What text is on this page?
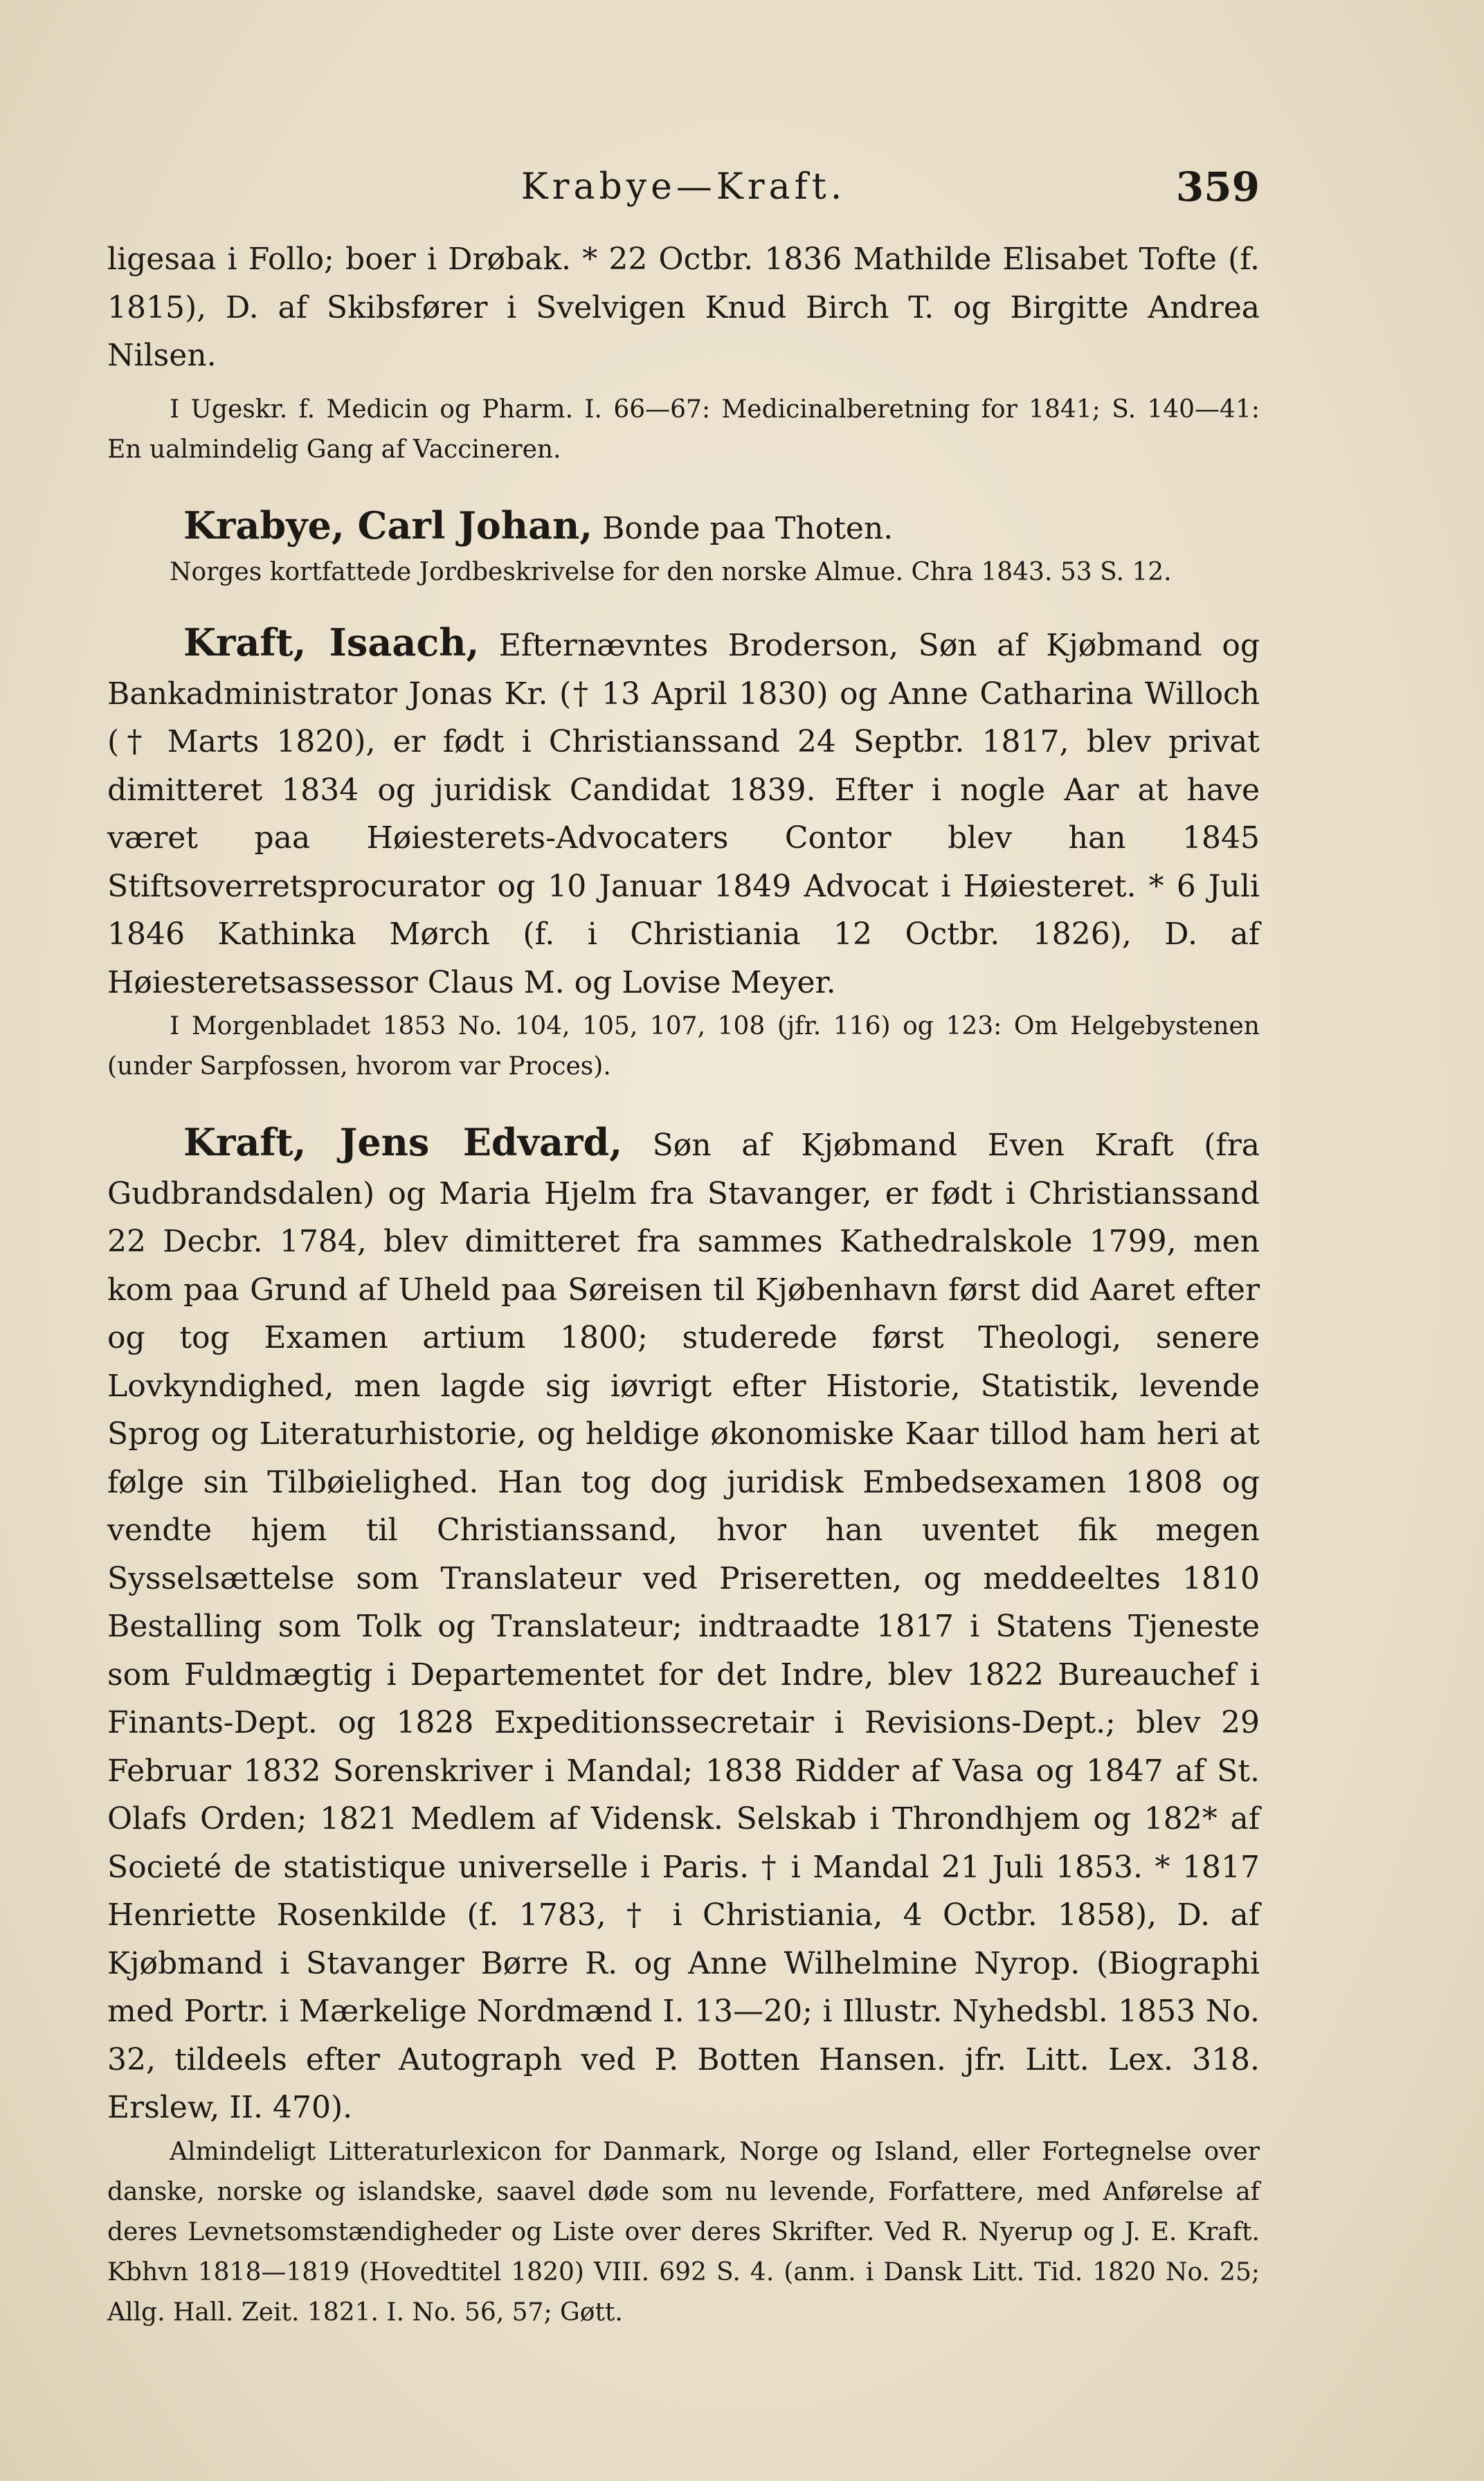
Krabye—Kraft.	359

ligesaa i Follo; boer i Drøbak. * 22 Octbr. 1836 Mathilde Elisabet Tofte (f. 1815), D. af Skibsfører i Svelvigen Knud Birch T. og Birgitte Andrea Nilsen.

I Ugeskr. f. Medicin og Pharm. I. 66—67: Medicinalberetning for 1841; S. 140—41: En ualmindelig Gang af Vaccineren.

Krabye, Carl Johan, Bonde paa Thoten.

Norges kortfattede Jordbeskrivelse for den norske Almue. Chra 1843. 53 S. 12.

Kraft, Isaach, Efternævntes Broderson, Søn af Kjøbmand og Bankadministrator Jonas Kr. († 13 April 1830) og Anne Catharina Willoch († Marts 1820), er født i Christianssand 24 Septbr. 1817, blev privat dimitteret 1834 og juridisk Candidat 1839. Efter i nogle Aar at have været paa Høiesterets-Advocaters Contor blev han 1845 Stiftsoverretsprocurator og 10 Januar 1849 Advocat i Høiesteret. * 6 Juli 1846 Kathinka Mørch (f. i Christiania 12 Octbr. 1826), D. af Høiesteretsassessor Claus M. og Lovise Meyer.

I Morgenbladet 1853 No. 104, 105, 107, 108 (jfr. 116) og 123: Om Helgebystenen (under Sarpfossen, hvorom var Proces).

Kraft, Jens Edvard, Søn af Kjøbmand Even Kraft (fra Gudbrandsdalen) og Maria Hjelm fra Stavanger, er født i Christianssand 22 Decbr. 1784, blev dimitteret fra sammes Kathedralskole 1799, men kom paa Grund af Uheld paa Søreisen til Kjøbenhavn først did Aaret efter og tog Examen artium 1800; studerede først Theologi, senere Lovkyndighed, men lagde sig iøvrigt efter Historie, Statistik, levende Sprog og Literaturhistorie, og heldige økonomiske Kaar tillod ham heri at følge sin Tilbøielighed. Han tog dog juridisk Embedsexamen 1808 og vendte hjem til Christianssand, hvor han uventet fik megen Sysselsættelse som Translateur ved Priseretten, og meddeeltes 1810 Bestalling som Tolk og Translateur; indtraadte 1817 i Statens Tjeneste som Fuldmægtig i Departementet for det Indre, blev 1822 Bureauchef i Finants-Dept. og 1828 Expeditionssecretair i Revisions-Dept.; blev 29 Februar 1832 Sorenskriver i Mandal; 1838 Ridder af Vasa og 1847 af St. Olafs Orden; 1821 Medlem af Vidensk. Selskab i Throndhjem og 182* af Societé de statistique universelle i Paris. † i Mandal 21 Juli 1853. * 1817 Henriette Rosenkilde (f. 1783, † i Christiania, 4 Octbr. 1858), D. af Kjøbmand i Stavanger Børre R. og Anne Wilhelmine Nyrop. (Biographi med Portr. i Mærkelige Nordmænd I. 13—20; i Illustr. Nyhedsbl. 1853 No. 32, tildeels efter Autograph ved P. Botten Hansen. jfr. Litt. Lex. 318. Erslew, II. 470).

Almindeligt Litteraturlexicon for Danmark, Norge og Island, eller Fortegnelse over danske, norske og islandske, saavel døde som nu levende, Forfattere, med Anførelse af deres Levnetsomstændigheder og Liste over deres Skrifter. Ved R. Nyerup og J. E. Kraft. Kbhvn 1818—1819 (Hovedtitel 1820) VIII. 692 S. 4. (anm. i Dansk Litt. Tid. 1820 No. 25; Allg. Hall. Zeit. 1821. I. No. 56, 57; Gøtt.
